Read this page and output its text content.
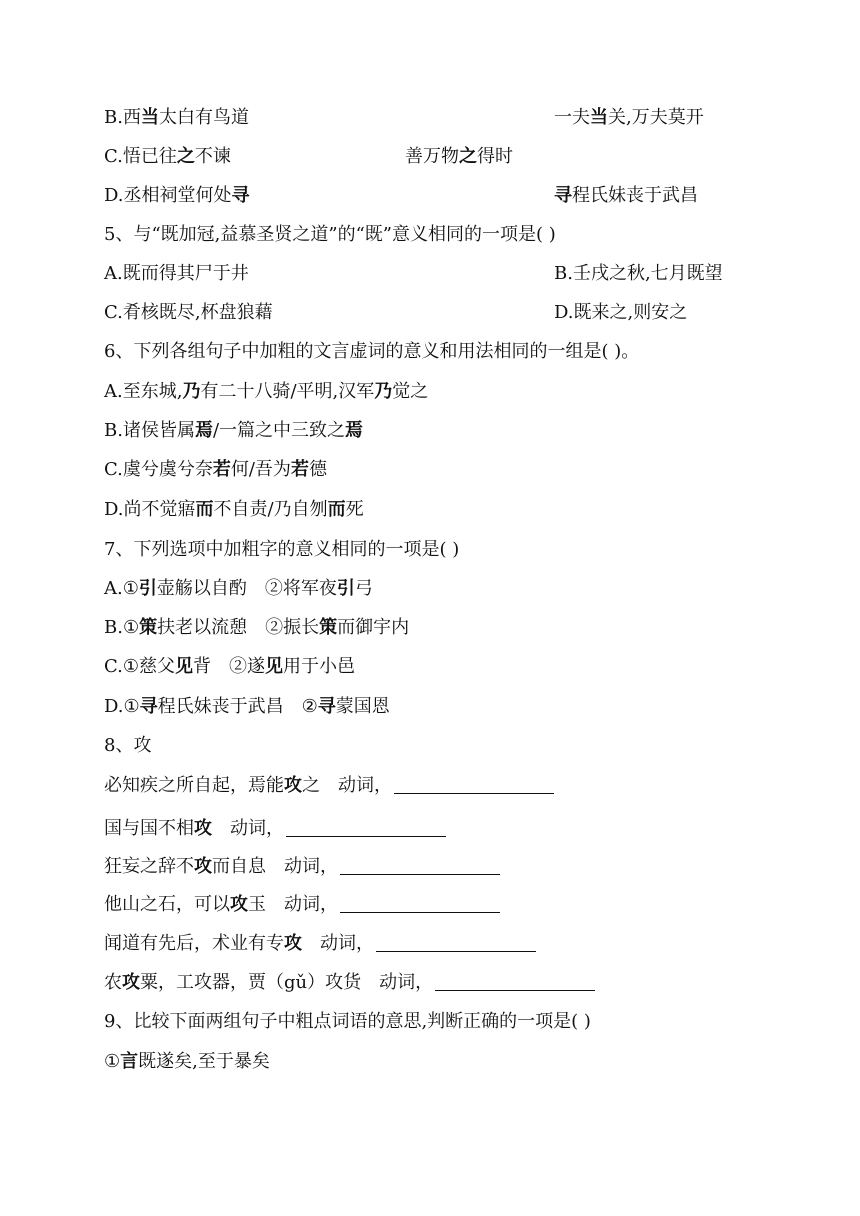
B.西当太白有鸟道	一夫当关,万夫莫开
C.悟已往之不谏	善万物之得时
D.丞相祠堂何处寻	寻程氏妹丧于武昌
5、与“既加冠,益慕圣贤之道”的“既”意义相同的一项是( )
A.既而得其尸于井	B.壬戌之秋,七月既望
C.肴核既尽,杯盘狼藉	D.既来之,则安之
6、下列各组句子中加粗的文言虚词的意义和用法相同的一组是( )。
A.至东城,乃有二十八骑/平明,汉军乃觉之
B.诸侯皆属焉/一篇之中三致之焉
C.虞兮虞兮奈若何/吾为若德
D.尚不觉寤而不自责/乃自刎而死
7、下列选项中加粗字的意义相同的一项是( )
A.①引壶觞以自酌 ②将军夜引弓
B.①策扶老以流憩 ②振长策而御宇内
C.①慈父见背 ②遂见用于小邑
D.①寻程氏妹丧于武昌 ②寻蒙国恩
8、攻
必知疾之所自起，焉能攻之 动词，
国与国不相攻 动词，
狂妄之辞不攻而自息 动词，
他山之石，可以攻玉 动词，
闻道有先后，术业有专攻 动词，
农攻粟，工攻器，贾（gǔ）攻货 动词，
9、比较下面两组句子中粗点词语的意思,判断正确的一项是( )
①言既遂矣,至于暴矣
